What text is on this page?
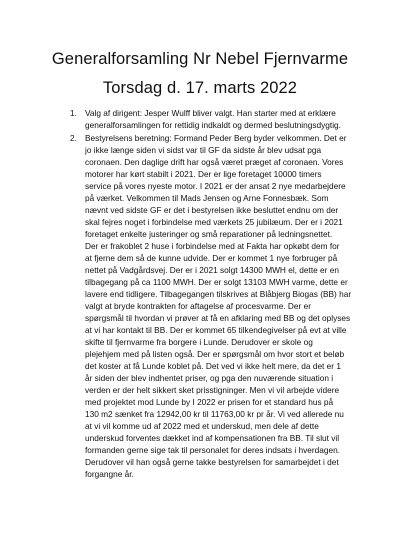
Generalforsamling Nr Nebel Fjernvarme
Torsdag d. 17. marts 2022
1. Valg af dirigent: Jesper Wulff bliver valgt. Han starter med at erklære
generalforsamlingen for rettidig indkaldt og dermed beslutningsdygtig.
2. Bestyrelsens beretning: Formand Peder Berg byder velkommen. Det er
jo ikke længe siden vi sidst var til GF da sidste år blev udsat pga
coronaen. Den daglige drift har også været præget af coronaen. Vores
motorer har kørt stabilt i 2021. Der er lige foretaget 10000 timers
service på vores nyeste motor. I 2021 er der ansat 2 nye medarbejdere
på værket. Velkommen til Mads Jensen og Arne Fonnesbæk. Som
nævnt ved sidste GF er det i bestyrelsen ikke besluttet endnu om der
skal fejres noget i forbindelse med værkets 25 jubilæum. Der er i 2021
foretaget enkelte justeringer og små reparationer på ledningsnettet.
Der er frakoblet 2 huse i forbindelse med at Fakta har opkøbt dem for
at fjerne dem så de kunne udvide. Der er kommet 1 nye forbruger på
nettet på Vadgårdsvej. Der er i 2021 solgt 14300 MWH el, dette er en
tilbagegang på ca 1100 MWH. Der er solgt 13103 MWH varme, dette er
lavere end tidligere. Tilbagegangen tilskrives at Blåbjerg Biogas (BB) har
valgt at bryde kontrakten for aftagelse af procesvarme. Der er
spørgsmål til hvordan vi prøver at få en afklaring med BB og det oplyses
at vi har kontakt til BB. Der er kommet 65 tilkendegivelser på evt at ville
skifte til fjernvarme fra borgere i Lunde. Derudover er skole og
plejehjem med på listen også. Der er spørgsmål om hvor stort et beløb
det koster at få Lunde koblet på. Det ved vi ikke helt mere, da det er 1
år siden der blev indhentet priser, og pga den nuværende situation i
verden er der helt sikkert sket prisstigninger. Men vi vil arbejde videre
med projektet mod Lunde by I 2022 er prisen for et standard hus på
130 m2 sænket fra 12942,00 kr til 11763,00 kr pr år. Vi ved allerede nu
at vi vil komme ud af 2022 med et underskud, men dele af dette
underskud forventes dækket ind af kompensationen fra BB. Til slut vil
formanden gerne sige tak til personalet for deres indsats i hverdagen.
Derudover vil han også gerne takke bestyrelsen for samarbejdet i det
forgangne år.
